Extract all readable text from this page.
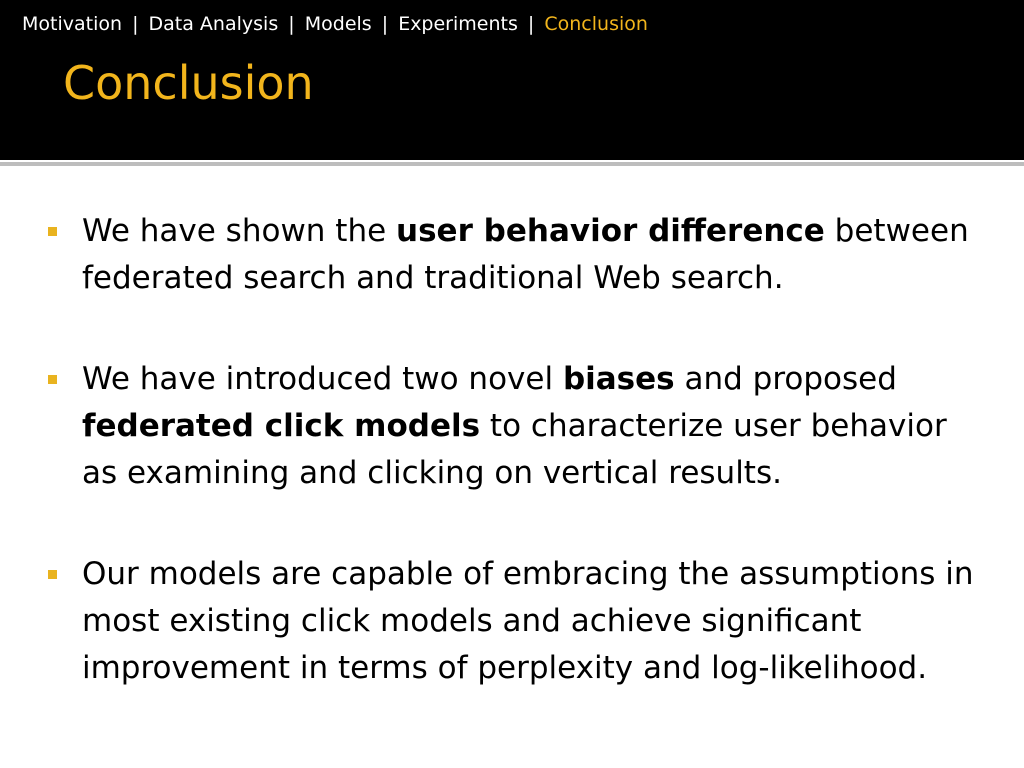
Motivation | Data Analysis | Models | Experiments | Conclusion
Conclusion
We have shown the user behavior difference between federated search and traditional Web search.
We have introduced two novel biases and proposed federated click models to characterize user behavior as examining and clicking on vertical results.
Our models are capable of embracing the assumptions in most existing click models and achieve significant improvement in terms of perplexity and log-likelihood.
